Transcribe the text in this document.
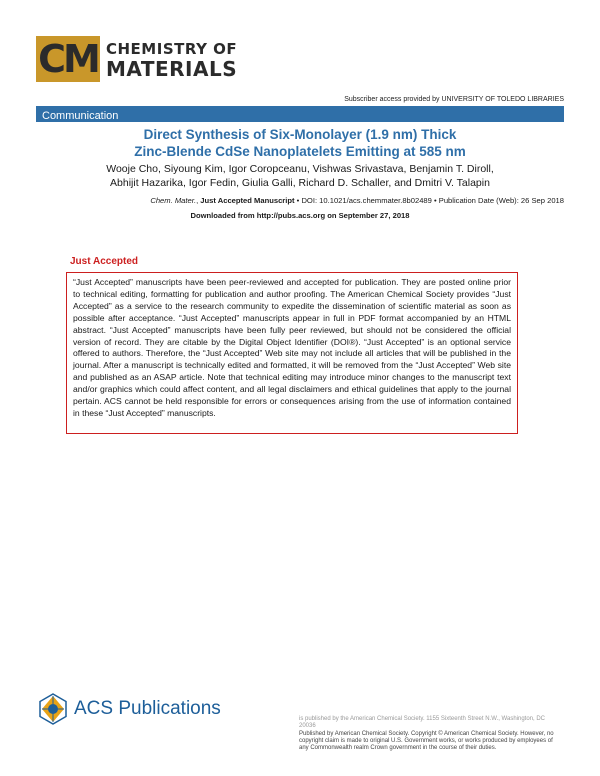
CM CHEMISTRY OF
MATERIALS
Subscriber access provided by UNIVERSITY OF TOLEDO LIBRARIES
Communication
Direct Synthesis of Six-Monolayer (1.9 nm) Thick
Zinc-Blende CdSe Nanoplatelets Emitting at 585 nm
Wooje Cho, Siyoung Kim, Igor Coropceanu, Vishwas Srivastava, Benjamin T. Diroll,
Abhijit Hazarika, Igor Fedin, Giulia Galli, Richard D. Schaller, and Dmitri V. Talapin
Chem. Mater., Just Accepted Manuscript • DOI: 10.1021/acs.chemmater.8b02489 • Publication Date (Web): 26 Sep 2018
Downloaded from http://pubs.acs.org on September 27, 2018
Just Accepted

“Just Accepted” manuscripts have been peer-reviewed and accepted for publication. They are posted online prior to technical editing, formatting for publication and author proofing. The American Chemical Society provides “Just Accepted” as a service to the research community to expedite the dissemination of scientific material as soon as possible after acceptance. “Just Accepted” manuscripts appear in full in PDF format accompanied by an HTML abstract. “Just Accepted” manuscripts have been fully peer reviewed, but should not be considered the official version of record. They are citable by the Digital Object Identifier (DOI®). “Just Accepted” is an optional service offered to authors. Therefore, the “Just Accepted” Web site may not include all articles that will be published in the journal. After a manuscript is technically edited and formatted, it will be removed from the “Just Accepted” Web site and published as an ASAP article. Note that technical editing may introduce minor changes to the manuscript text and/or graphics which could affect content, and all legal disclaimers and ethical guidelines that apply to the journal pertain. ACS cannot be held responsible for errors or consequences arising from the use of information contained in these “Just Accepted” manuscripts.

ACS Publications	is published by the American Chemical Society. 1155 Sixteenth Street N.W., Washington, DC 20036
Published by American Chemical Society. Copyright © American Chemical Society. However, no copyright claim is made to original U.S. Government works, or works produced by employees of any Commonwealth realm Crown government in the course of their duties.
